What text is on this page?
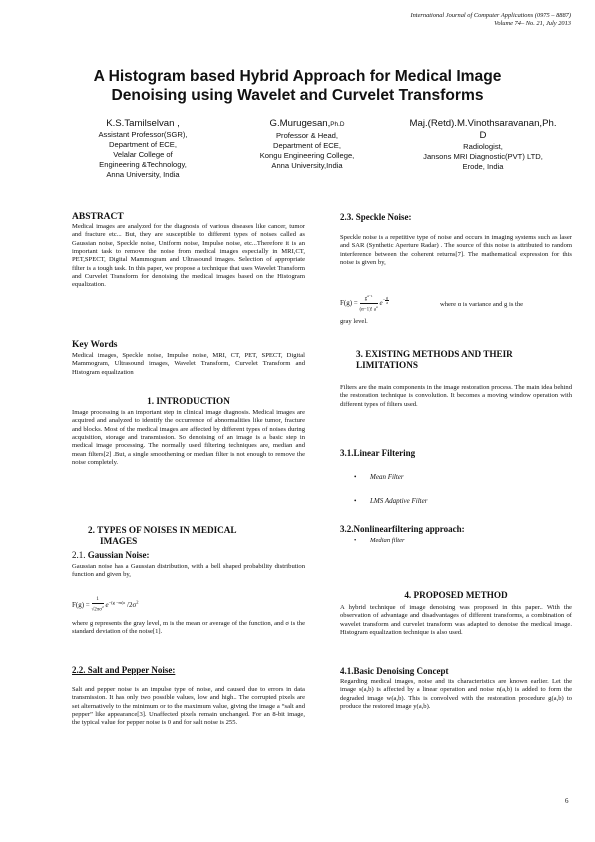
International Journal of Computer Applications (0975 – 8887)
Volume 74– No. 21, July 2013
A Histogram based Hybrid Approach for Medical Image
Denoising using Wavelet and Curvelet Transforms
K.S.Tamilselvan ,
Assistant Professor(SGR),
Department of ECE,
Velalar College of
Engineering &Technology,
Anna University, India
G.Murugesan,Ph.D
Professor & Head,
Department of ECE,
Kongu Engineering College,
Anna University,India
Maj.(Retd).M.Vinothsaravanan,Ph.
D
Radiologist,
Jansons MRI Diagnostic(PVT) LTD,
Erode, India
ABSTRACT
Medical images are analyzed for the diagnosis of various diseases like cancer, tumor and fracture etc... But, they are susceptible to different types of noises called as Gaussian noise, Speckle noise, Uniform noise, Impulse noise, etc...Therefore it is an important task to remove the noise from medical images especially in MRI,CT, PET,SPECT, Digital Mammogram and Ultrasound images. Selection of appropriate filter is a tough task. In this paper, we propose a technique that uses Wavelet Transform and Curvelet Transform for denoising the medical images based on the Histogram equalization.
Key Words
Medical images, Speckle noise, Impulse noise, MRI, CT, PET, SPECT, Digital Mammogram, Ultrasound images, Wavelet Transform, Curvelet Transform and Histogram equalization
1. INTRODUCTION
Image processing is an important step in clinical image diagnosis. Medical images are acquired and analyzed to identify the occurrence of abnormalities like tumor, fracture and blocks. Most of the medical images are affected by different types of noises during acquisition, storage and transmission. So denoising of an image is a basic step in medical image processing. The normally used filtering techniques are, median and mean filters[2] .But, a single smoothening or median filter is not enough to remove the noise completely.
2. TYPES OF NOISES IN MEDICAL
IMAGES
2.1. Gaussian Noise:
Gaussian noise has a Gaussian distribution, with a bell shaped probability distribution function and given by,
$F(g) = \frac{1}{√2\pi\sigma^2} e^{-(g -m)2}$ $/2\sigma^2$
where g represents the gray level, m is the mean or average of the function, and σ is the standard deviation of the noise[1].
2.2. Salt and Pepper Noise:
Salt and pepper noise is an impulse type of noise, and caused due to errors in data transmission. It has only two possible values, low and high.. The corrupted pixels are set alternatively to the minimum or to the maximum value, giving the image a “salt and pepper” like appearance[3]. Unaffected pixels remain unchanged. For an 8-bit image, the typical value for pepper noise is 0 and for salt noise is 255.
2.3. Speckle Noise:
Speckle noise is a repetitive type of noise and occurs in imaging systems such as laser and SAR (Synthetic Aperture Radar) . The source of this noise is attributed to random interference between the coherent returns[7]. The mathematical expression for this noise is given by,
$F(g) = \frac{g^{\alpha-1}}{(\alpha-1)! a^\alpha} e^{- \frac{g}{a}}$	where α is variance and g is the
gray level.
3. EXISTING METHODS AND THEIR
LIMITATIONS
Filters are the main components in the image restoration process. The main idea behind the restoration technique is convolution. It becomes a moving window operation with different types of filters used.
3.1.Linear Filtering
• Mean Filter
• LMS Adaptive Filter
3.2.Nonlinearfiltering approach:
• Median filter
4. PROPOSED METHOD
A hybrid technique of image denoising was proposed in this paper.. With the observation of advantage and disadvantages of different transforms, a combination of wavelet transform and curvelet transform was adapted to denoise the medical image. Histogram equalization technique is also used.
4.1.Basic Denoising Concept
Regarding medical images, noise and its characteristics are known earlier. Let the image s(a,b) is affected by a linear operation and noise n(a,b) is added to form the degraded image w(a,b). This is convolved with the restoration procedure g(a,b) to produce the restored image y(a,b).
6
